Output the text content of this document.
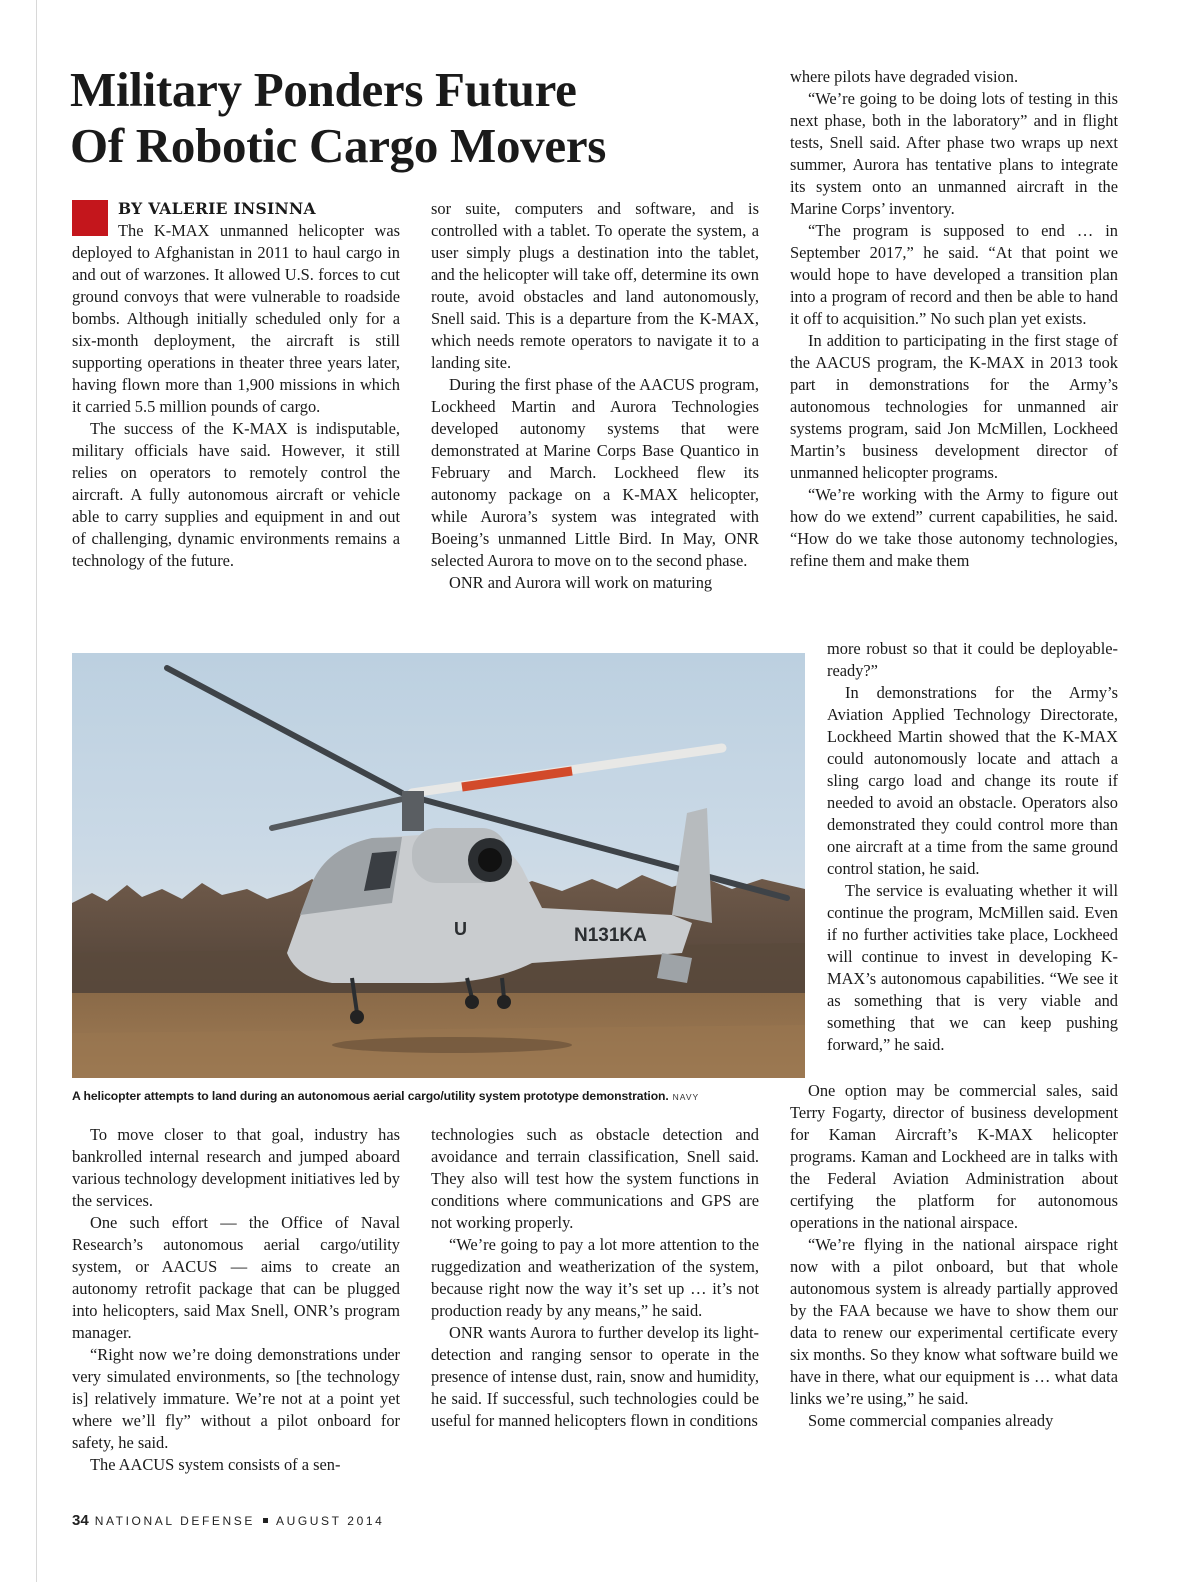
Military Ponders Future
Of Robotic Cargo Movers
BY VALERIE INSINNA

The K-MAX unmanned helicopter was deployed to Afghanistan in 2011 to haul cargo in and out of warzones. It allowed U.S. forces to cut ground convoys that were vulnerable to roadside bombs. Although initially scheduled only for a six-month deployment, the aircraft is still supporting operations in theater three years later, having flown more than 1,900 missions in which it carried 5.5 million pounds of cargo.

The success of the K-MAX is indisputable, military officials have said. However, it still relies on operators to remotely control the aircraft. A fully autonomous aircraft or vehicle able to carry supplies and equipment in and out of challenging, dynamic environments remains a technology of the future.

sor suite, computers and software, and is controlled with a tablet. To operate the system, a user simply plugs a destination into the tablet, and the helicopter will take off, determine its own route, avoid obstacles and land autonomously, Snell said. This is a departure from the K-MAX, which needs remote operators to navigate it to a landing site.

During the first phase of the AACUS program, Lockheed Martin and Aurora Technologies developed autonomy systems that were demonstrated at Marine Corps Base Quantico in February and March. Lockheed flew its autonomy package on a K-MAX helicopter, while Aurora’s system was integrated with Boeing’s unmanned Little Bird. In May, ONR selected Aurora to move on to the second phase.

ONR and Aurora will work on maturing

where pilots have degraded vision.

“We’re going to be doing lots of testing in this next phase, both in the laboratory” and in flight tests, Snell said. After phase two wraps up next summer, Aurora has tentative plans to integrate its system onto an unmanned aircraft in the Marine Corps’ inventory.

“The program is supposed to end … in September 2017,” he said. “At that point we would hope to have developed a transition plan into a program of record and then be able to hand it off to acquisition.” No such plan yet exists.

In addition to participating in the first stage of the AACUS program, the K-MAX in 2013 took part in demonstrations for the Army’s autonomous technologies for unmanned air systems program, said Jon McMillen, Lockheed Martin’s business development director of unmanned helicopter programs.

“We’re working with the Army to figure out how do we extend” current capabilities, he said. “How do we take those autonomy technologies, refine them and make them

more robust so that it could be deployable-ready?”

In demonstrations for the Army’s Aviation Applied Technology Directorate, Lockheed Martin showed that the K-MAX could autonomously locate and attach a sling cargo load and change its route if needed to avoid an obstacle. Operators also demonstrated they could control more than one aircraft at a time from the same ground control station, he said.

The service is evaluating whether it will continue the program, McMillen said. Even if no further activities take place, Lockheed will continue to invest in developing K-MAX’s autonomous capabilities. “We see it as something that is very viable and something that we can keep pushing forward,” he said.

U	N131KA
A helicopter attempts to land during an autonomous aerial cargo/utility system prototype demonstration. NAVY

To move closer to that goal, industry has bankrolled internal research and jumped aboard various technology development initiatives led by the services.

One such effort — the Office of Naval Research’s autonomous aerial cargo/utility system, or AACUS — aims to create an autonomy retrofit package that can be plugged into helicopters, said Max Snell, ONR’s program manager.

“Right now we’re doing demonstrations under very simulated environments, so [the technology is] relatively immature. We’re not at a point yet where we’ll fly” without a pilot onboard for safety, he said.

The AACUS system consists of a sen-

technologies such as obstacle detection and avoidance and terrain classification, Snell said. They also will test how the system functions in conditions where communications and GPS are not working properly.

“We’re going to pay a lot more attention to the ruggedization and weatherization of the system, because right now the way it’s set up … it’s not production ready by any means,” he said.

ONR wants Aurora to further develop its light-detection and ranging sensor to operate in the presence of intense dust, rain, snow and humidity, he said. If successful, such technologies could be useful for manned helicopters flown in conditions

One option may be commercial sales, said Terry Fogarty, director of business development for Kaman Aircraft’s K-MAX helicopter programs. Kaman and Lockheed are in talks with the Federal Aviation Administration about certifying the platform for autonomous operations in the national airspace.

“We’re flying in the national airspace right now with a pilot onboard, but that whole autonomous system is already partially approved by the FAA because we have to show them our data to renew our experimental certificate every six months. So they know what software build we have in there, what our equipment is … what data links we’re using,” he said.

Some commercial companies already

34 NATIONAL DEFENSE AUGUST 2014
